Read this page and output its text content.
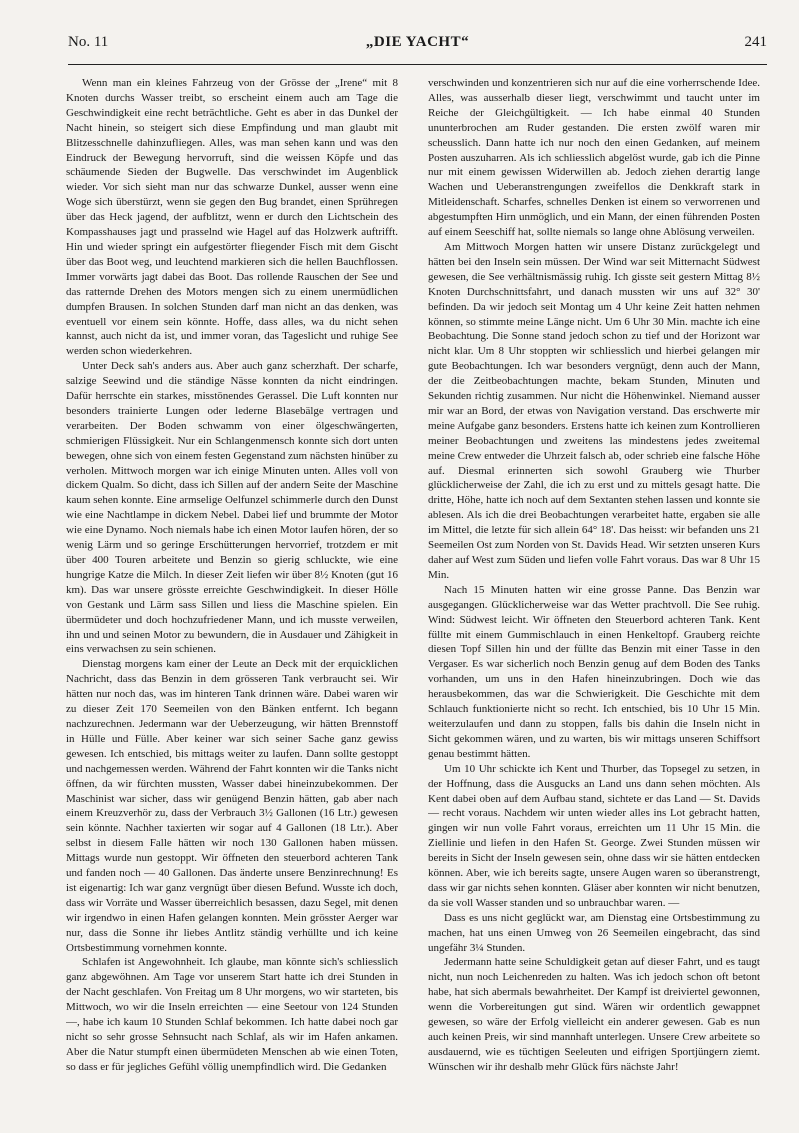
No. 11	„DIE YACHT“	241

Wenn man ein kleines Fahrzeug von der Grösse der „Irene“ mit 8 Knoten durchs Wasser treibt, so erscheint einem auch am Tage die Geschwindigkeit eine recht beträchtliche. Geht es aber in das Dunkel der Nacht hinein, so steigert sich diese Empfindung und man glaubt mit Blitzesschnelle dahinzufliegen. Alles, was man sehen kann und was den Eindruck der Bewegung hervorruft, sind die weissen Köpfe und das schäumende Sieden der Bugwelle. Das verschwindet im Augenblick wieder. Vor sich sieht man nur das schwarze Dunkel, ausser wenn eine Woge sich überstürzt, wenn sie gegen den Bug brandet, einen Sprühregen über das Heck jagend, der aufblitzt, wenn er durch den Lichtschein des Kompasshauses jagt und prasselnd wie Hagel auf das Holzwerk auftrifft. Hin und wieder springt ein aufgestörter fliegender Fisch mit dem Gischt über das Boot weg, und leuchtend markieren sich die hellen Bauchflossen. Immer vorwärts jagt dabei das Boot. Das rollende Rauschen der See und das ratternde Drehen des Motors mengen sich zu einem unermüdlichen dumpfen Brausen. In solchen Stunden darf man nicht an das denken, was eventuell vor einem sein könnte. Hoffe, dass alles, wa du nicht sehen kannst, auch nicht da ist, und immer voran, das Tageslicht und ruhige See werden schon wiederkehren.

Unter Deck sah's anders aus. Aber auch ganz scherzhaft. Der scharfe, salzige Seewind und die ständige Nässe konnten da nicht eindringen. Dafür herrschte ein starkes, misstönendes Gerassel. Die Luft konnten nur besonders trainierte Lungen oder lederne Blasebälge vertragen und verarbeiten. Der Boden schwamm von einer ölgeschwängerten, schmierigen Flüssigkeit. Nur ein Schlangenmensch konnte sich dort unten bewegen, ohne sich von einem festen Gegenstand zum nächsten hinüber zu verholen. Mittwoch morgen war ich einige Minuten unten. Alles voll von dickem Qualm. So dicht, dass ich Sillen auf der andern Seite der Maschine kaum sehen konnte. Eine armselige Oelfunzel schimmerle durch den Dunst wie eine Nachtlampe in dickem Nebel. Dabei lief und brummte der Motor wie eine Dynamo. Noch niemals habe ich einen Motor laufen hören, der so wenig Lärm und so geringe Erschütterungen hervorrief, trotzdem er mit über 400 Touren arbeitete und Benzin so gierig schluckte, wie eine hungrige Katze die Milch. In dieser Zeit liefen wir über 8½ Knoten (gut 16 km). Das war unsere grösste erreichte Geschwindigkeit. In dieser Hölle von Gestank und Lärm sass Sillen und liess die Maschine spielen. Ein übermüdeter und doch hochzufriedener Mann, und ich musste verweilen, ihn und und seinen Motor zu bewundern, die in Ausdauer und Zähigkeit in eins verwachsen zu sein schienen.

Dienstag morgens kam einer der Leute an Deck mit der erquicklichen Nachricht, dass das Benzin in dem grösseren Tank verbraucht sei. Wir hätten nur noch das, was im hinteren Tank drinnen wäre. Dabei waren wir zu dieser Zeit 170 Seemeilen von den Bänken entfernt. Ich begann nachzurechnen. Jedermann war der Ueberzeugung, wir hätten Brennstoff in Hülle und Fülle. Aber keiner war sich seiner Sache ganz gewiss gewesen. Ich entschied, bis mittags weiter zu laufen. Dann sollte gestoppt und nachgemessen werden. Während der Fahrt konnten wir die Tanks nicht öffnen, da wir fürchten mussten, Wasser dabei hineinzubekommen. Der Maschinist war sicher, dass wir genügend Benzin hätten, gab aber nach einem Kreuzverhör zu, dass der Verbrauch 3½ Gallonen (16 Ltr.) gewesen sein könnte. Nachher taxierten wir sogar auf 4 Gallonen (18 Ltr.). Aber selbst in diesem Falle hätten wir noch 130 Gallonen haben müssen. Mittags wurde nun gestoppt. Wir öffneten den steuerbord achteren Tank und fanden noch — 40 Gallonen. Das änderte unsere Benzinrechnung! Es ist eigenartig: Ich war ganz vergnügt über diesen Befund. Wusste ich doch, dass wir Vorräte und Wasser überreichlich besassen, dazu Segel, mit denen wir irgendwo in einen Hafen gelangen konnten. Mein grösster Aerger war nur, dass die Sonne ihr liebes Antlitz ständig verhüllte und ich keine Ortsbestimmung vornehmen konnte.

Schlafen ist Angewohnheit. Ich glaube, man könnte sich's schliesslich ganz abgewöhnen. Am Tage vor unserem Start hatte ich drei Stunden in der Nacht geschlafen. Von Freitag um 8 Uhr morgens, wo wir starteten, bis Mittwoch, wo wir die Inseln erreichten — eine Seetour von 124 Stunden —, habe ich kaum 10 Stunden Schlaf bekommen. Ich hatte dabei noch gar nicht so sehr grosse Sehnsucht nach Schlaf, als wir im Hafen ankamen. Aber die Natur stumpft einen übermüdeten Menschen ab wie einen Toten, so dass er für jegliches Gefühl völlig unempfindlich wird. Die Gedanken

verschwinden und konzentrieren sich nur auf die eine vorherrschende Idee. Alles, was ausserhalb dieser liegt, verschwimmt und taucht unter im Reiche der Gleichgültigkeit. — Ich habe einmal 40 Stunden ununterbrochen am Ruder gestanden. Die ersten zwölf waren mir scheusslich. Dann hatte ich nur noch den einen Gedanken, auf meinem Posten auszuharren. Als ich schliesslich abgelöst wurde, gab ich die Pinne nur mit einem gewissen Widerwillen ab. Jedoch ziehen derartig lange Wachen und Ueberanstrengungen zweifellos die Denkkraft stark in Mitleidenschaft. Scharfes, schnelles Denken ist einem so verworrenen und abgestumpften Hirn unmöglich, und ein Mann, der einen führenden Posten auf einem Seeschiff hat, sollte niemals so lange ohne Ablösung verweilen.

Am Mittwoch Morgen hatten wir unsere Distanz zurückgelegt und hätten bei den Inseln sein müssen. Der Wind war seit Mitternacht Südwest gewesen, die See verhältnismässig ruhig. Ich gisste seit gestern Mittag 8½ Knoten Durchschnittsfahrt, und danach mussten wir uns auf 32° 30' befinden. Da wir jedoch seit Montag um 4 Uhr keine Zeit hatten nehmen können, so stimmte meine Länge nicht. Um 6 Uhr 30 Min. machte ich eine Beobachtung. Die Sonne stand jedoch schon zu tief und der Horizont war nicht klar. Um 8 Uhr stoppten wir schliesslich und hierbei gelangen mir gute Beobachtungen. Ich war besonders vergnügt, denn auch der Mann, der die Zeitbeobachtungen machte, bekam Stunden, Minuten und Sekunden richtig zusammen. Nur nicht die Höhenwinkel. Niemand ausser mir war an Bord, der etwas von Navigation verstand. Das erschwerte mir meine Aufgabe ganz besonders. Erstens hatte ich keinen zum Kontrollieren meiner Beobachtungen und zweitens las mindestens jedes zweitemal meine Crew entweder die Uhrzeit falsch ab, oder schrieb eine falsche Höhe auf. Diesmal erinnerten sich sowohl Grauberg wie Thurber glücklicherweise der Zahl, die ich zu erst und zu mittels gesagt hatte. Die dritte, Höhe, hatte ich noch auf dem Sextanten stehen lassen und konnte sie ablesen. Als ich die drei Beobachtungen verarbeitet hatte, ergaben sie alle im Mittel, die letzte für sich allein 64° 18'. Das heisst: wir befanden uns 21 Seemeilen Ost zum Norden von St. Davids Head. Wir setzten unseren Kurs daher auf West zum Süden und liefen volle Fahrt voraus. Das war 8 Uhr 15 Min.

Nach 15 Minuten hatten wir eine grosse Panne. Das Benzin war ausgegangen. Glücklicherweise war das Wetter prachtvoll. Die See ruhig. Wind: Südwest leicht. Wir öffneten den Steuerbord achteren Tank. Kent füllte mit einem Gummischlauch in einen Henkeltopf. Grauberg reichte diesen Topf Sillen hin und der füllte das Benzin mit einer Tasse in den Vergaser. Es war sicherlich noch Benzin genug auf dem Boden des Tanks vorhanden, um uns in den Hafen hineinzubringen. Doch wie das herausbekommen, das war die Schwierigkeit. Die Geschichte mit dem Schlauch funktionierte nicht so recht. Ich entschied, bis 10 Uhr 15 Min. weiterzulaufen und dann zu stoppen, falls bis dahin die Inseln nicht in Sicht gekommen wären, und zu warten, bis wir mittags unseren Schiffsort genau bestimmt hätten.

Um 10 Uhr schickte ich Kent und Thurber, das Topsegel zu setzen, in der Hoffnung, dass die Ausgucks an Land uns dann sehen möchten. Als Kent dabei oben auf dem Aufbau stand, sichtete er das Land — St. Davids — recht voraus. Nachdem wir unten wieder alles ins Lot gebracht hatten, gingen wir nun volle Fahrt voraus, erreichten um 11 Uhr 15 Min. die Ziellinie und liefen in den Hafen St. George. Zwei Stunden müssen wir bereits in Sicht der Inseln gewesen sein, ohne dass wir sie hätten entdecken können. Aber, wie ich bereits sagte, unsere Augen waren so überanstrengt, dass wir gar nichts sehen konnten. Gläser aber konnten wir nicht benutzen, da sie voll Wasser standen und so unbrauchbar waren. —

Dass es uns nicht geglückt war, am Dienstag eine Ortsbestimmung zu machen, hat uns einen Umweg von 26 Seemeilen eingebracht, das sind ungefähr 3¼ Stunden.

Jedermann hatte seine Schuldigkeit getan auf dieser Fahrt, und es taugt nicht, nun noch Leichenreden zu halten. Was ich jedoch schon oft betont habe, hat sich abermals bewahrheitet. Der Kampf ist dreiviertel gewonnen, wenn die Vorbereitungen gut sind. Wären wir ordentlich gewappnet gewesen, so wäre der Erfolg vielleicht ein anderer gewesen. Gab es nun auch keinen Preis, wir sind mannhaft unterlegen. Unsere Crew arbeitete so ausdauernd, wie es tüchtigen Seeleuten und eifrigen Sportjüngern ziemt. Wünschen wir ihr deshalb mehr Glück fürs nächste Jahr!
